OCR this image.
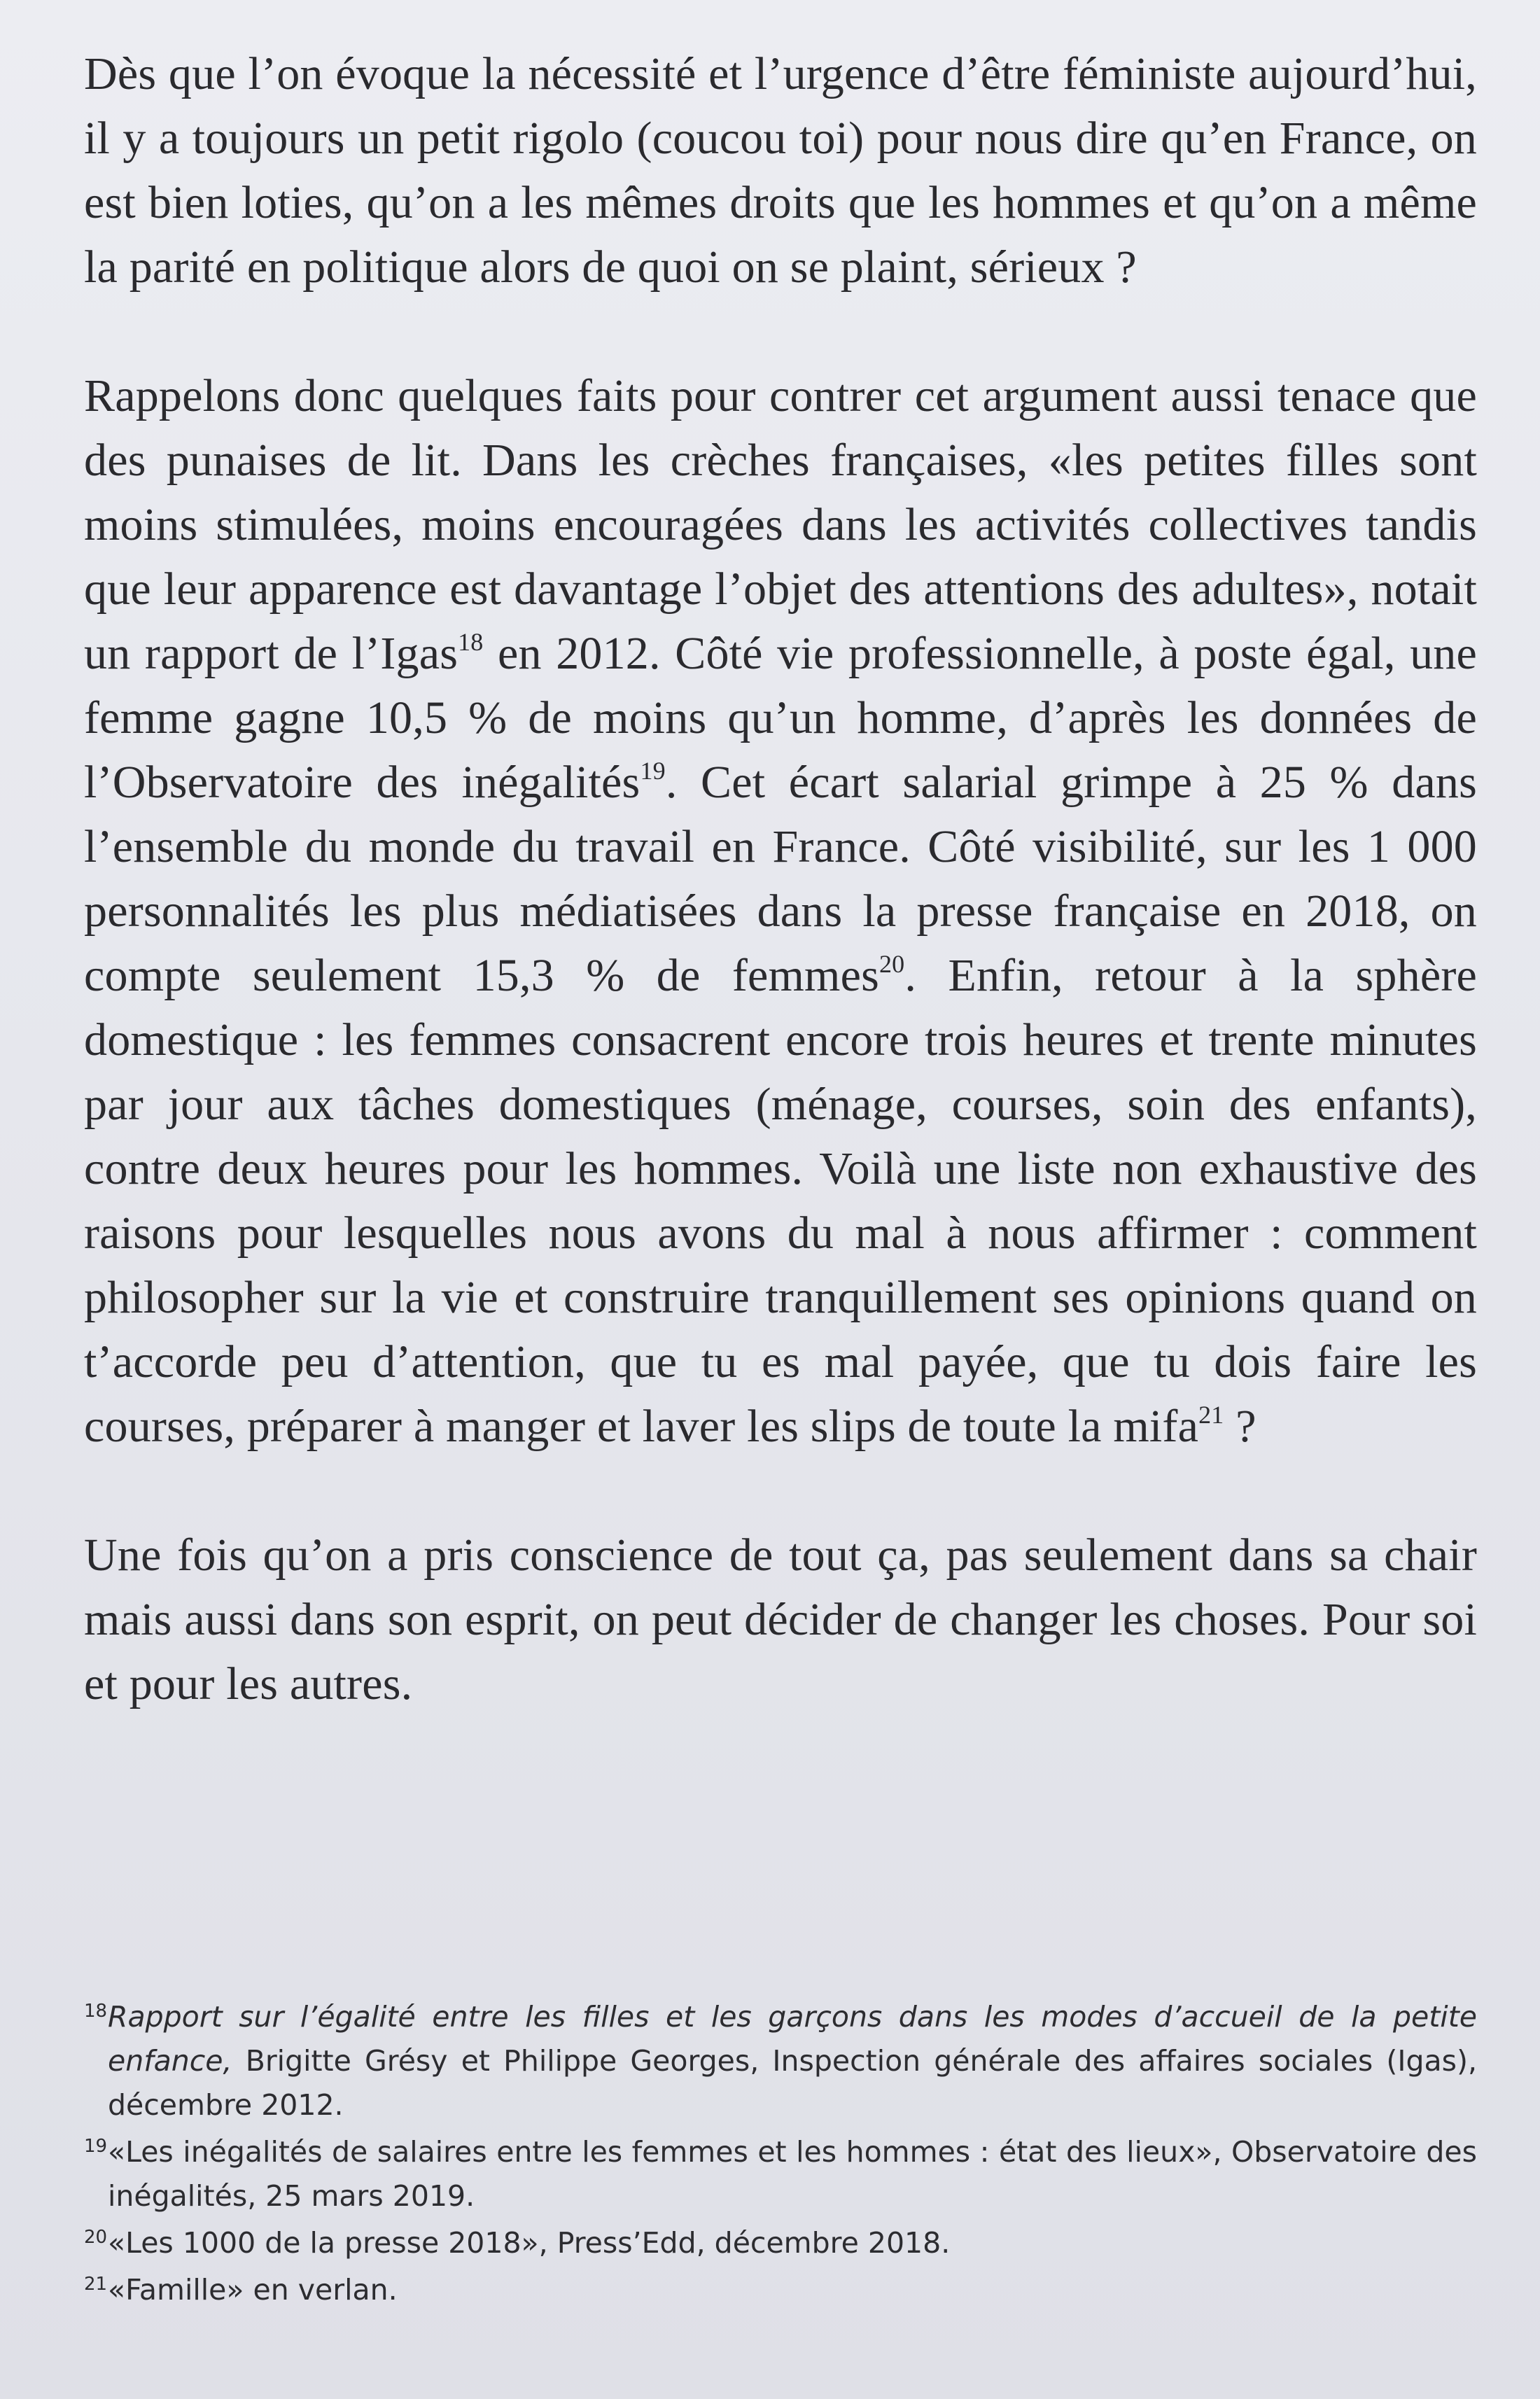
Dès que l’on évoque la nécessité et l’urgence d’être féministe aujourd’hui, il y a toujours un petit rigolo (coucou toi) pour nous dire qu’en France, on est bien loties, qu’on a les mêmes droits que les hommes et qu’on a même la parité en politique alors de quoi on se plaint, sérieux ?

Rappelons donc quelques faits pour contrer cet argument aussi tenace que des punaises de lit. Dans les crèches françaises, «les petites filles sont moins stimulées, moins encouragées dans les activités collectives tandis que leur apparence est davantage l’objet des attentions des adultes», notait un rapport de l’Igas$^{18}$ en 2012. Côté vie professionnelle, à poste égal, une femme gagne 10,5 % de moins qu’un homme, d’après les données de l’Observatoire des inégalités$^{19}$. Cet écart salarial grimpe à 25 % dans l’ensemble du monde du travail en France. Côté visibilité, sur les 1 000 personnalités les plus médiatisées dans la presse française en 2018, on compte seulement 15,3 % de femmes$^{20}$. Enfin, retour à la sphère domestique : les femmes consacrent encore trois heures et trente minutes par jour aux tâches domestiques (ménage, courses, soin des enfants), contre deux heures pour les hommes. Voilà une liste non exhaustive des raisons pour lesquelles nous avons du mal à nous affirmer : comment philosopher sur la vie et construire tranquillement ses opinions quand on t’accorde peu d’attention, que tu es mal payée, que tu dois faire les courses, préparer à manger et laver les slips de toute la mifa$^{21}$ ?

Une fois qu’on a pris conscience de tout ça, pas seulement dans sa chair mais aussi dans son esprit, on peut décider de changer les choses. Pour soi et pour les autres.

18 Rapport sur l’égalité entre les filles et les garçons dans les modes d’accueil de la petite enfance, Brigitte Grésy et Philippe Georges, Inspection générale des affaires sociales (Igas), décembre 2012.
19 «Les inégalités de salaires entre les femmes et les hommes : état des lieux», Observatoire des inégalités, 25 mars 2019.
20 «Les 1000 de la presse 2018», Press’Edd, décembre 2018.
21 «Famille» en verlan.
